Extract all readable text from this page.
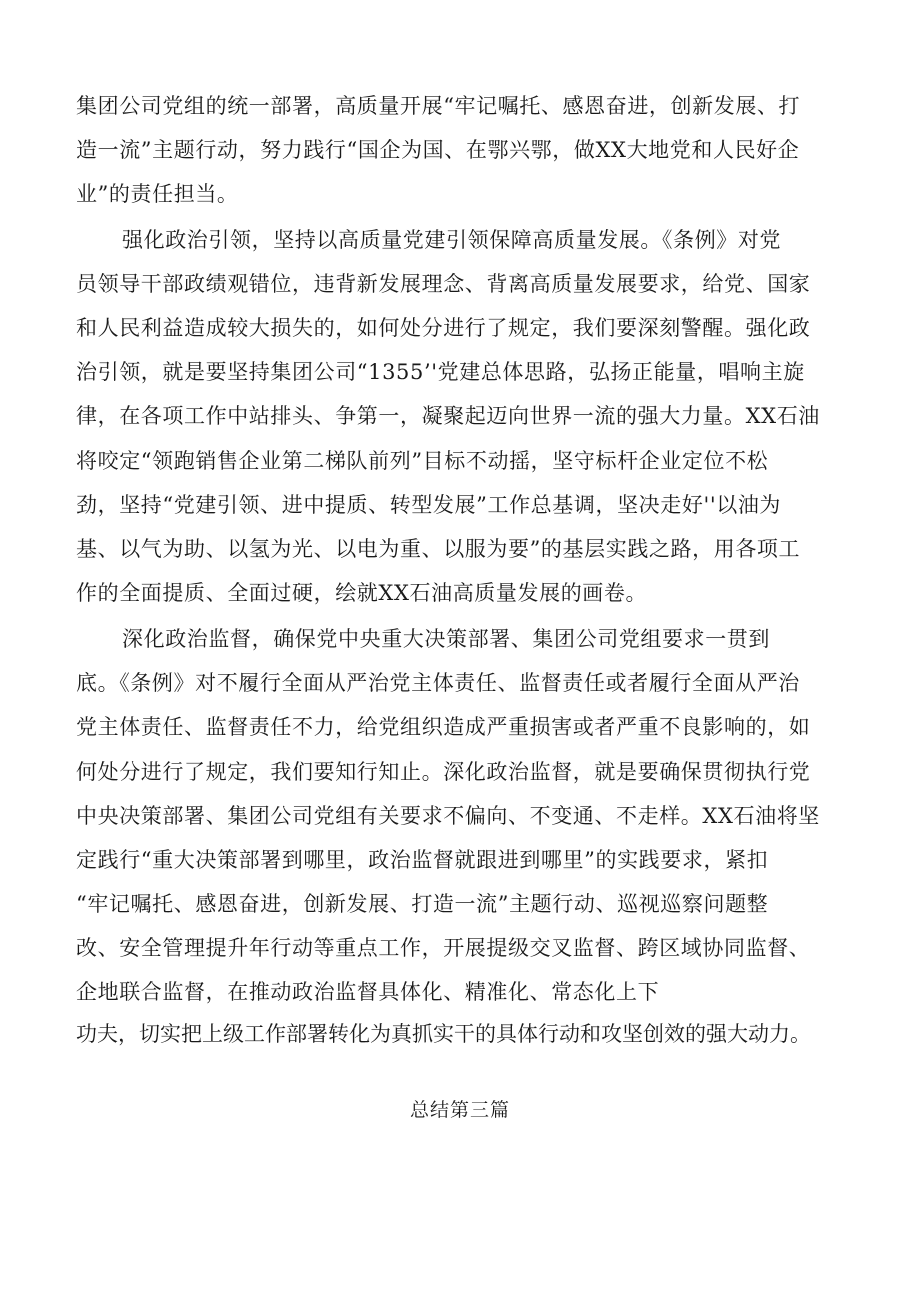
集团公司党组的统一部署，高质量开展“牢记嘱托、感恩奋进，创新发展、打
造一流”主题行动，努力践行“国企为国、在鄂兴鄂，做XX大地党和人民好企
业”的责任担当。
强化政治引领，坚持以高质量党建引领保障高质量发展。《条例》对党
员领导干部政绩观错位，违背新发展理念、背离高质量发展要求，给党、国家
和人民利益造成较大损失的，如何处分进行了规定，我们要深刻警醒。强化政
治引领，就是要坚持集团公司“1355’'党建总体思路，弘扬正能量，唱响主旋
律，在各项工作中站排头、争第一，凝聚起迈向世界一流的强大力量。XX石油
将咬定“领跑销售企业第二梯队前列”目标不动摇，坚守标杆企业定位不松
劲，坚持“党建引领、进中提质、转型发展”工作总基调，坚决走好''以油为
基、以气为助、以氢为光、以电为重、以服为要”的基层实践之路，用各项工
作的全面提质、全面过硬，绘就XX石油高质量发展的画卷。
深化政治监督，确保党中央重大决策部署、集团公司党组要求一贯到
底。《条例》对不履行全面从严治党主体责任、监督责任或者履行全面从严治
党主体责任、监督责任不力，给党组织造成严重损害或者严重不良影响的，如
何处分进行了规定，我们要知行知止。深化政治监督，就是要确保贯彻执行党
中央决策部署、集团公司党组有关要求不偏向、不变通、不走样。XX石油将坚
定践行“重大决策部署到哪里，政治监督就跟进到哪里”的实践要求，紧扣
“牢记嘱托、感恩奋进，创新发展、打造一流”主题行动、巡视巡察问题整
改、安全管理提升年行动等重点工作，开展提级交叉监督、跨区域协同监督、
企地联合监督，在推动政治监督具体化、精准化、常态化上下
功夫，切实把上级工作部署转化为真抓实干的具体行动和攻坚创效的强大动力。
总结第三篇
